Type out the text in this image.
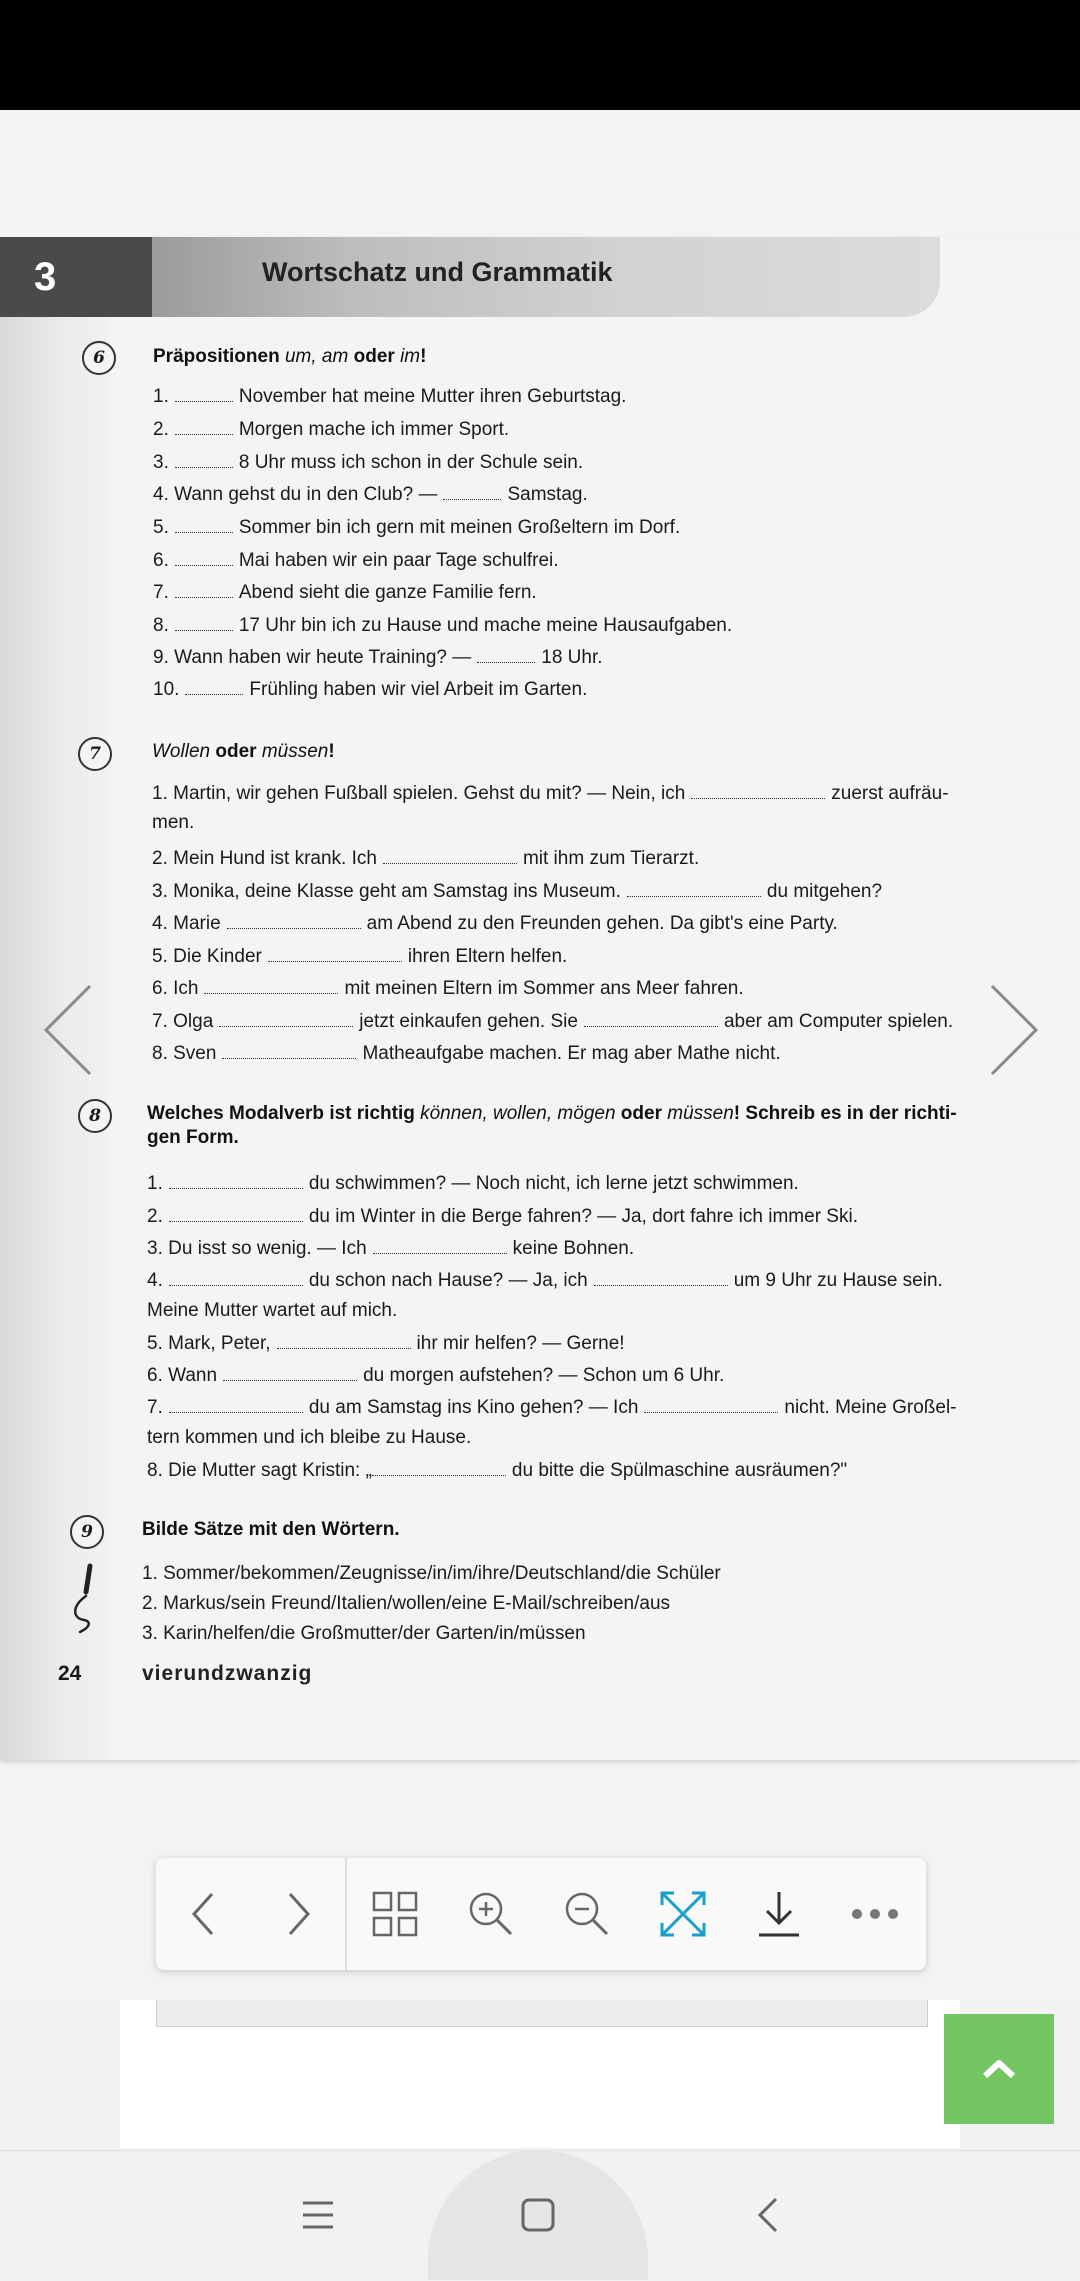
3	Wortschatz und Grammatik
6	Präpositionen um, am oder im!
1.	November hat meine Mutter ihren Geburtstag.
2.	Morgen mache ich immer Sport.
3.	8 Uhr muss ich schon in der Schule sein.
4. Wann gehst du in den Club? —	Samstag.
5.	Sommer bin ich gern mit meinen Großeltern im Dorf.
6.	Mai haben wir ein paar Tage schulfrei.
7.	Abend sieht die ganze Familie fern.
8.	17 Uhr bin ich zu Hause und mache meine Hausaufgaben.
9. Wann haben wir heute Training? —	18 Uhr.
10.	Frühling haben wir viel Arbeit im Garten.
7	Wollen oder müssen!
1. Martin, wir gehen Fußball spielen. Gehst du mit? — Nein, ich	zuerst aufräu-
men.
2. Mein Hund ist krank. Ich	mit ihm zum Tierarzt.
3. Monika, deine Klasse geht am Samstag ins Museum.	du mitgehen?
4. Marie	am Abend zu den Freunden gehen. Da gibt's eine Party.
5. Die Kinder	ihren Eltern helfen.
6. Ich	mit meinen Eltern im Sommer ans Meer fahren.
7. Olga	jetzt einkaufen gehen. Sie	aber am Computer spielen.
8. Sven	Matheaufgabe machen. Er mag aber Mathe nicht.
8	Welches Modalverb ist richtig können, wollen, mögen oder müssen! Schreib es in der richti-
gen Form.
1.	du schwimmen? — Noch nicht, ich lerne jetzt schwimmen.
2.	du im Winter in die Berge fahren? — Ja, dort fahre ich immer Ski.
3. Du isst so wenig. — Ich	keine Bohnen.
4.	du schon nach Hause? — Ja, ich	um 9 Uhr zu Hause sein.
Meine Mutter wartet auf mich.
5. Mark, Peter,	ihr mir helfen? — Gerne!
6. Wann	du morgen aufstehen? — Schon um 6 Uhr.
7.	du am Samstag ins Kino gehen? — Ich	nicht. Meine Großel-
tern kommen und ich bleibe zu Hause.
8. Die Mutter sagt Kristin: „	du bitte die Spülmaschine ausräumen?"
9	Bilde Sätze mit den Wörtern.
1. Sommer/bekommen/Zeugnisse/in/im/ihre/Deutschland/die Schüler
2. Markus/sein Freund/Italien/wollen/eine E-Mail/schreiben/aus
3. Karin/helfen/die Großmutter/der Garten/in/müssen
24	vierundzwanzig
